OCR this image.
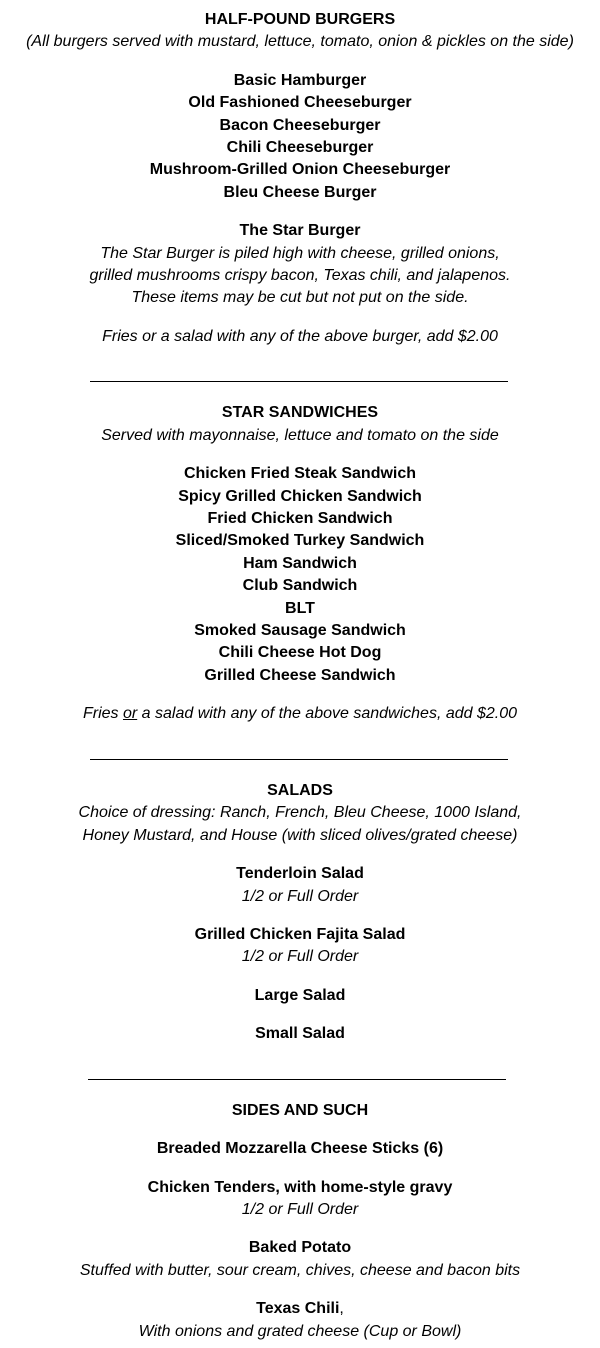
HALF-POUND BURGERS
(All burgers served with mustard, lettuce, tomato, onion & pickles on the side)
Basic Hamburger
Old Fashioned Cheeseburger
Bacon Cheeseburger
Chili Cheeseburger
Mushroom-Grilled Onion Cheeseburger
Bleu Cheese Burger
The Star Burger
The Star Burger is piled high with cheese, grilled onions,
grilled mushrooms crispy bacon, Texas chili, and jalapenos.
These items may be cut but not put on the side.
Fries or a salad with any of the above burger, add $2.00
STAR SANDWICHES
Served with mayonnaise, lettuce and tomato on the side
Chicken Fried Steak Sandwich
Spicy Grilled Chicken Sandwich
Fried Chicken Sandwich
Sliced/Smoked Turkey Sandwich
Ham Sandwich
Club Sandwich
BLT
Smoked Sausage Sandwich
Chili Cheese Hot Dog
Grilled Cheese Sandwich
Fries or a salad with any of the above sandwiches, add $2.00
SALADS
Choice of dressing: Ranch, French, Bleu Cheese, 1000 Island,
Honey Mustard, and House (with sliced olives/grated cheese)
Tenderloin Salad
1/2 or Full Order
Grilled Chicken Fajita Salad
1/2 or Full Order
Large Salad
Small Salad
SIDES AND SUCH
Breaded Mozzarella Cheese Sticks (6)
Chicken Tenders, with home-style gravy
1/2 or Full Order
Baked Potato
Stuffed with butter, sour cream, chives, cheese and bacon bits
Texas Chili,
With onions and grated cheese (Cup or Bowl)
